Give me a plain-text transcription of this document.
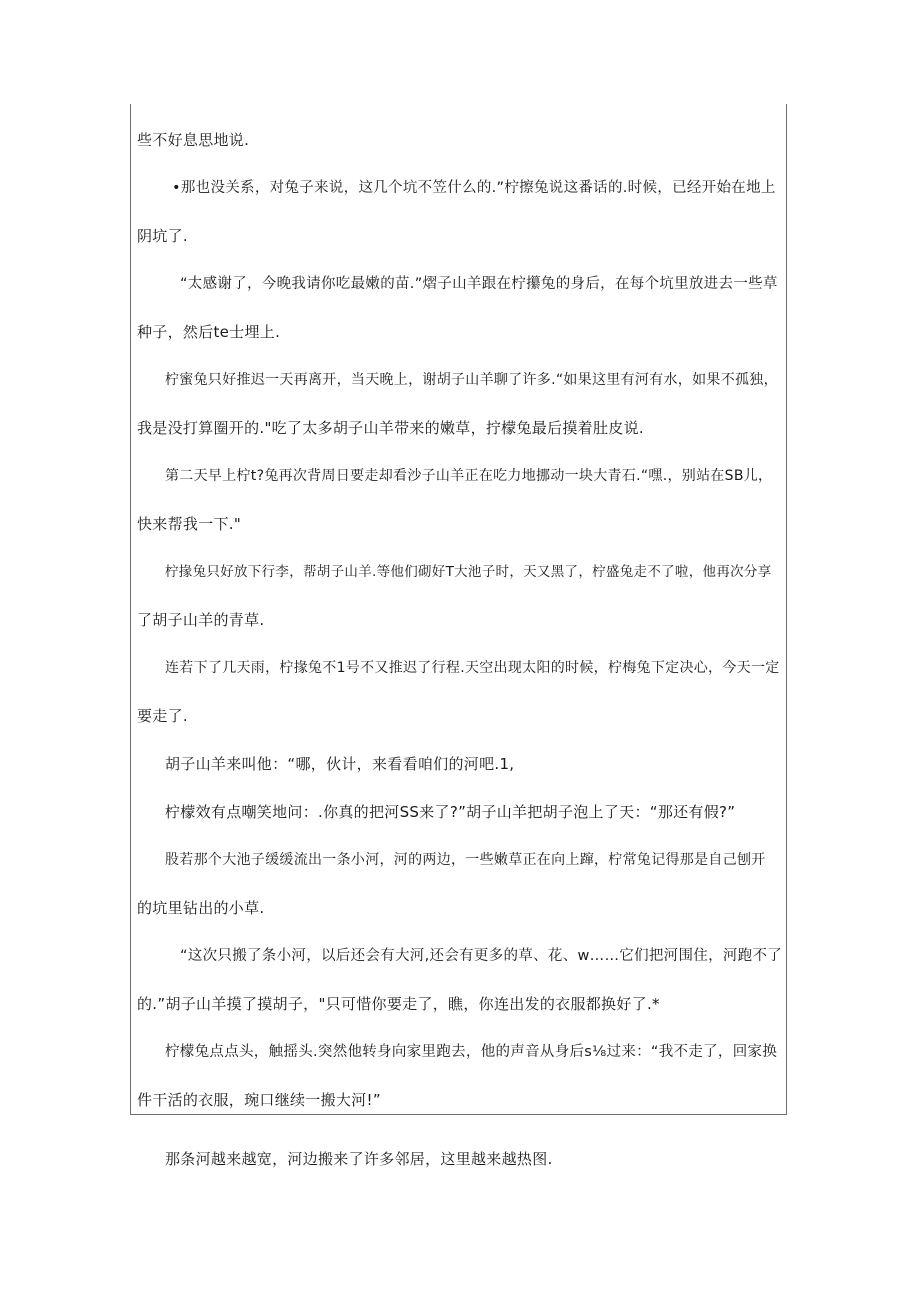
些不好息思地说.
•那也没关系，对兔子来说，这几个坑不笠什么的.”柠擦兔说这番话的.时候，已经开始在地上
阴坑了.
“太感谢了，今晚我请你吃最嫩的苗.”熠子山羊跟在柠攥兔的身后，在每个坑里放进去一些草
种子，然后te士埋上.
柠蜜兔只好推迟一天再离开，当天晚上，谢胡子山羊聊了许多.“如果这里有河有水，如果不孤独，
我是没打算圈开的."吃了太多胡子山羊带来的嫩草，拧檬兔最后摸着肚皮说.
第二天早上柠t?兔再次背周日要走却看沙子山羊正在吃力地挪动一块大青石.“嘿.，别站在SB儿，
快来帮我一下."
柠掾兔只好放下行李，帮胡子山羊.等他们砌好T大池子时，天又黑了，柠盛兔走不了啦，他再次分享
了胡子山羊的青草.
连若下了几天雨，柠掾兔不1号不又推迟了行程.天空出现太阳的时候，柠梅兔下定决心，今天一定
要走了.
胡子山羊来叫他：“哪，伙计，来看看咱们的河吧.1,
柠檬效有点嘲笑地问：.你真的把河SS来了?”胡子山羊把胡子泡上了天：“那还有假?”
股若那个大池子缓缓流出一条小河，河的两边，一些嫩草正在向上蹿，柠常兔记得那是自己刨开
的坑里钻出的小草.
“这次只搬了条小河，以后还会有大河,还会有更多的草、花、w……它们把河围住，河跑不了
的.”胡子山羊摸了摸胡子，"只可惜你要走了，瞧，你连出发的衣服都换好了.*
柠檬兔点点头，触摇头.突然他转身向家里跑去，他的声音从身后s⅛过来：“我不走了，回家换
件干活的衣服，琬口继续一搬大河!”
那条河越来越宽，河边搬来了许多邻居，这里越来越热图.
